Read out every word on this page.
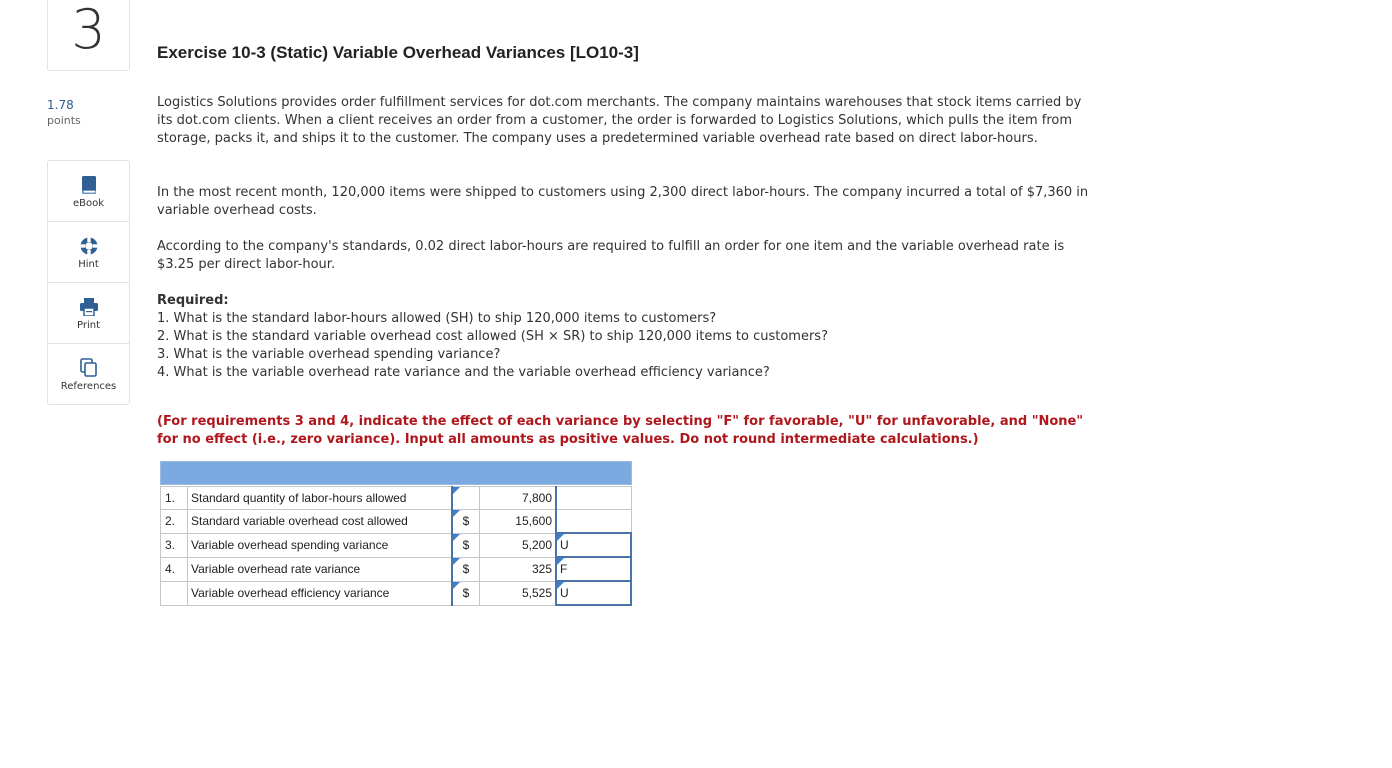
3
1.78
points
eBook
Hint
Print
References
Exercise 10-3 (Static) Variable Overhead Variances [LO10-3]

Logistics Solutions provides order fulfillment services for dot.com merchants. The company maintains warehouses that stock items carried by its dot.com clients. When a client receives an order from a customer, the order is forwarded to Logistics Solutions, which pulls the item from storage, packs it, and ships it to the customer. The company uses a predetermined variable overhead rate based on direct labor-hours.

In the most recent month, 120,000 items were shipped to customers using 2,300 direct labor-hours. The company incurred a total of $7,360 in variable overhead costs.

According to the company's standards, 0.02 direct labor-hours are required to fulfill an order for one item and the variable overhead rate is $3.25 per direct labor-hour.

Required:
1. What is the standard labor-hours allowed (SH) to ship 120,000 items to customers?
2. What is the standard variable overhead cost allowed (SH × SR) to ship 120,000 items to customers?
3. What is the variable overhead spending variance?
4. What is the variable overhead rate variance and the variable overhead efficiency variance?

(For requirements 3 and 4, indicate the effect of each variance by selecting "F" for favorable, "U" for unfavorable, and "None" for no effect (i.e., zero variance). Input all amounts as positive values. Do not round intermediate calculations.)

1.	Standard quantity of labor-hours allowed		7,800	
2.	Standard variable overhead cost allowed	$	15,600	
3.	Variable overhead spending variance	$	5,200	U
4.	Variable overhead rate variance	$	325	F
	Variable overhead efficiency variance	$	5,525	U
